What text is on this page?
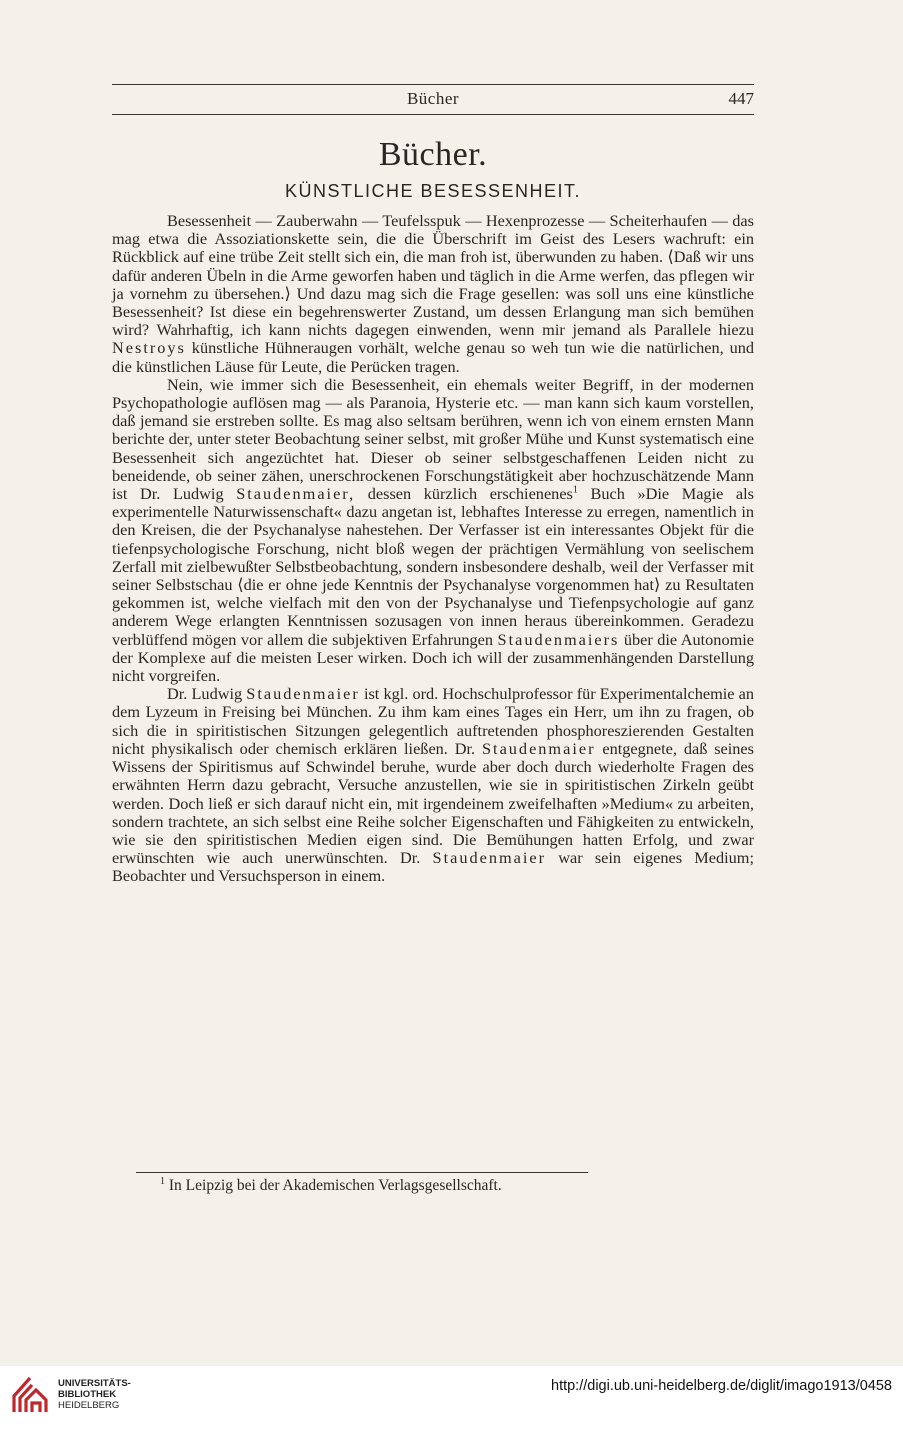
Bücher	447
Bücher.
KÜNSTLICHE BESESSENHEIT.

Besessenheit — Zauberwahn — Teufelsspuk — Hexenprozesse — Scheiterhaufen — das mag etwa die Assoziationskette sein, die die Überschrift im Geist des Lesers wachruft: ein Rückblick auf eine trübe Zeit stellt sich ein, die man froh ist, überwunden zu haben. ⟨Daß wir uns dafür anderen Übeln in die Arme geworfen haben und täglich in die Arme werfen, das pflegen wir ja vornehm zu übersehen.⟩ Und dazu mag sich die Frage gesellen: was soll uns eine künstliche Besessenheit? Ist diese ein begehrenswerter Zustand, um dessen Erlangung man sich bemühen wird? Wahrhaftig, ich kann nichts dagegen einwenden, wenn mir jemand als Parallele hiezu Nestroys künstliche Hühneraugen vorhält, welche genau so weh tun wie die natürlichen, und die künstlichen Läuse für Leute, die Perücken tragen.

Nein, wie immer sich die Besessenheit, ein ehemals weiter Begriff, in der modernen Psychopathologie auflösen mag — als Paranoia, Hysterie etc. — man kann sich kaum vorstellen, daß jemand sie erstreben sollte. Es mag also seltsam berühren, wenn ich von einem ernsten Mann berichte der, unter steter Beobachtung seiner selbst, mit großer Mühe und Kunst systematisch eine Besessenheit sich angezüchtet hat. Dieser ob seiner selbstgeschaffenen Leiden nicht zu beneidende, ob seiner zähen, unerschrockenen Forschungstätigkeit aber hochzuschätzende Mann ist Dr. Ludwig Staudenmaier, dessen kürzlich erschienenes$^1$ Buch »Die Magie als experimentelle Naturwissenschaft« dazu angetan ist, lebhaftes Interesse zu erregen, namentlich in den Kreisen, die der Psychanalyse nahestehen. Der Verfasser ist ein interessantes Objekt für die tiefenpsychologische Forschung, nicht bloß wegen der prächtigen Vermählung von seelischem Zerfall mit zielbewußter Selbstbeobachtung, sondern insbesondere deshalb, weil der Verfasser mit seiner Selbstschau ⟨die er ohne jede Kenntnis der Psychanalyse vorgenommen hat⟩ zu Resultaten gekommen ist, welche vielfach mit den von der Psychanalyse und Tiefenpsychologie auf ganz anderem Wege erlangten Kenntnissen sozusagen von innen heraus übereinkommen. Geradezu verblüffend mögen vor allem die subjektiven Erfahrungen Staudenmaiers über die Autonomie der Komplexe auf die meisten Leser wirken. Doch ich will der zusammenhängenden Darstellung nicht vorgreifen.

Dr. Ludwig Staudenmaier ist kgl. ord. Hochschulprofessor für Experimentalchemie an dem Lyzeum in Freising bei München. Zu ihm kam eines Tages ein Herr, um ihn zu fragen, ob sich die in spiritistischen Sitzungen gelegentlich auftretenden phosphoreszierenden Gestalten nicht physikalisch oder chemisch erklären ließen. Dr. Staudenmaier entgegnete, daß seines Wissens der Spiritismus auf Schwindel beruhe, wurde aber doch durch wiederholte Fragen des erwähnten Herrn dazu gebracht, Versuche anzustellen, wie sie in spiritistischen Zirkeln geübt werden. Doch ließ er sich darauf nicht ein, mit irgendeinem zweifelhaften »Medium« zu arbeiten, sondern trachtete, an sich selbst eine Reihe solcher Eigenschaften und Fähigkeiten zu entwickeln, wie sie den spiritistischen Medien eigen sind. Die Bemühungen hatten Erfolg, und zwar erwünschten wie auch unerwünschten. Dr. Staudenmaier war sein eigenes Medium; Beobachter und Versuchsperson in einem.

$^1$ In Leipzig bei der Akademischen Verlagsgesellschaft.
UNIVERSITÄTS-
BIBLIOTHEK
HEIDELBERG
http://digi.ub.uni-heidelberg.de/diglit/imago1913/0458
